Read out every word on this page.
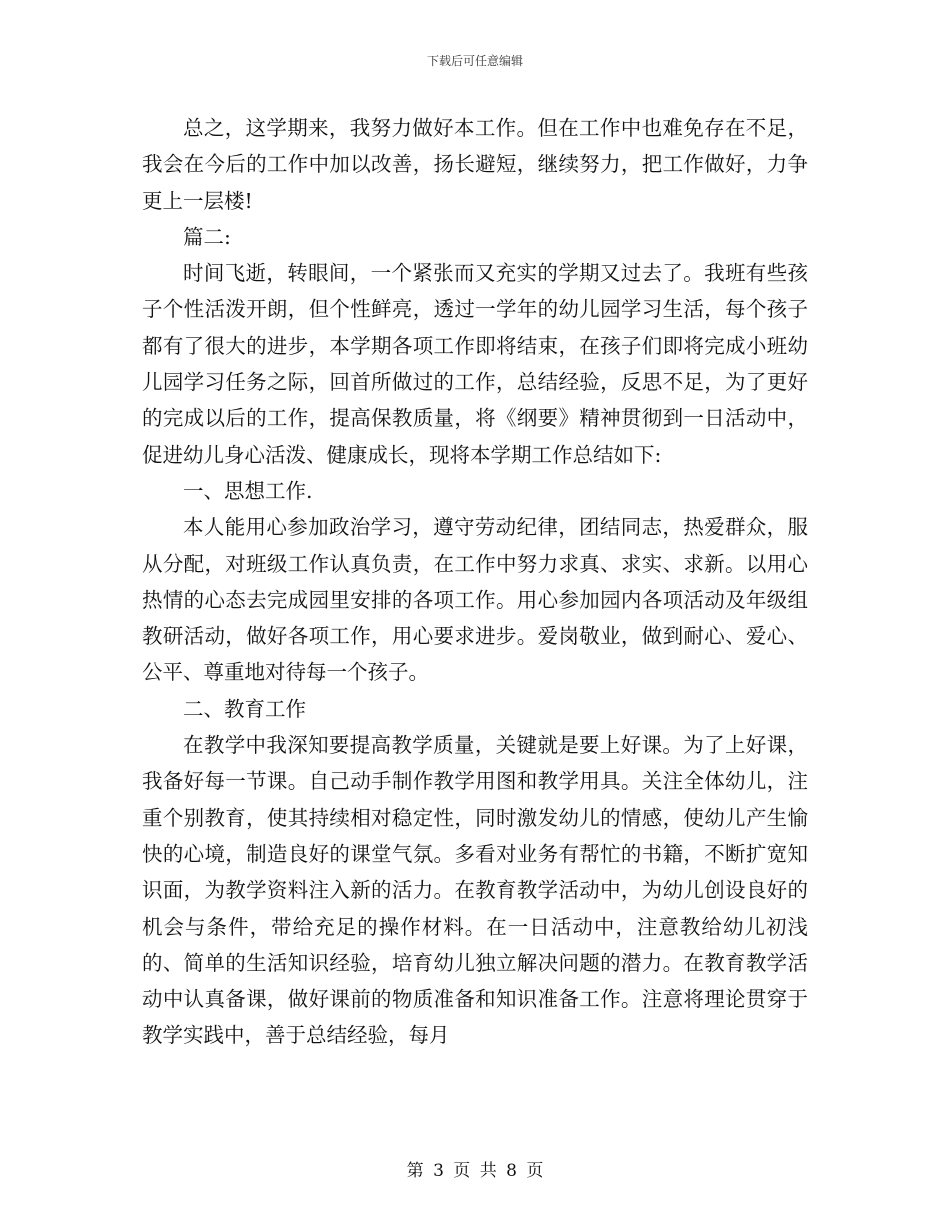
下载后可任意编辑

总之，这学期来，我努力做好本工作。但在工作中也难免存在不足，我会在今后的工作中加以改善，扬长避短，继续努力，把工作做好，力争更上一层楼!

篇二:

时间飞逝，转眼间，一个紧张而又充实的学期又过去了。我班有些孩子个性活泼开朗，但个性鲜亮，透过一学年的幼儿园学习生活，每个孩子都有了很大的进步，本学期各项工作即将结束，在孩子们即将完成小班幼儿园学习任务之际，回首所做过的工作，总结经验，反思不足，为了更好的完成以后的工作，提高保教质量，将《纲要》精神贯彻到一日活动中，促进幼儿身心活泼、健康成长，现将本学期工作总结如下:

一、思想工作.

本人能用心参加政治学习，遵守劳动纪律，团结同志，热爱群众，服从分配，对班级工作认真负责，在工作中努力求真、求实、求新。以用心热情的心态去完成园里安排的各项工作。用心参加园内各项活动及年级组教研活动，做好各项工作，用心要求进步。爱岗敬业，做到耐心、爱心、公平、尊重地对待每一个孩子。

二、教育工作

在教学中我深知要提高教学质量，关键就是要上好课。为了上好课，我备好每一节课。自己动手制作教学用图和教学用具。关注全体幼儿，注重个别教育，使其持续相对稳定性，同时激发幼儿的情感，使幼儿产生愉快的心境，制造良好的课堂气氛。多看对业务有帮忙的书籍，不断扩宽知识面，为教学资料注入新的活力。在教育教学活动中，为幼儿创设良好的机会与条件，带给充足的操作材料。在一日活动中，注意教给幼儿初浅的、简单的生活知识经验，培育幼儿独立解决问题的潜力。在教育教学活动中认真备课，做好课前的物质准备和知识准备工作。注意将理论贯穿于教学实践中，善于总结经验，每月

第 3 页 共 8 页
